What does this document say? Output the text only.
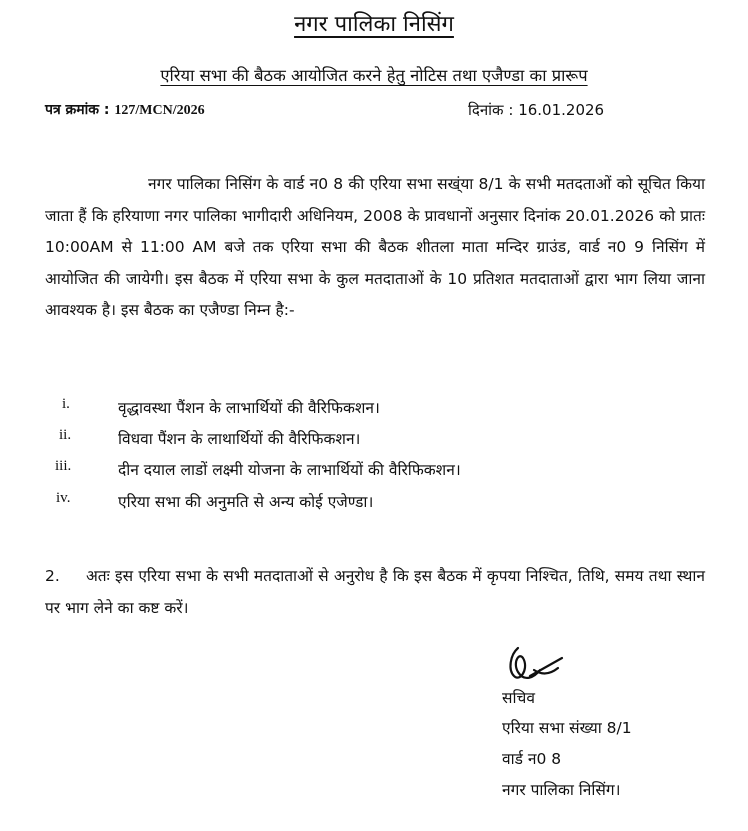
नगर पालिका निसिंग
एरिया सभा की बैठक आयोजित करने हेतु नोटिस तथा एजैण्डा का प्रारूप
पत्र क्रमांक : 127/MCN/2026	दिनांक : 16.01.2026
नगर पालिका निसिंग के वार्ड न0 8 की एरिया सभा सख्ंया 8/1 के सभी मतदताओं को सूचित किया जाता हैं कि हरियाणा नगर पालिका भागीदारी अधिनियम, 2008 के प्रावधानों अनुसार दिनांक 20.01.2026 को प्रातः 10:00AM से 11:00 AM बजे तक एरिया सभा की बैठक शीतला माता मन्दिर ग्राउंड, वार्ड न0 9 निसिंग में आयोजित की जायेगी। इस बैठक में एरिया सभा के कुल मतदाताओं के 10 प्रतिशत मतदाताओं द्वारा भाग लिया जाना आवश्यक है। इस बैठक का एजैण्डा निम्न है:-
i.	वृद्धावस्था पैंशन के लाभार्थियों की वैरिफिकशन।
ii.	विधवा पैंशन के लाथार्थियों की वैरिफिकशन।
iii.	दीन दयाल लाडों लक्ष्मी योजना के लाभार्थियों की वैरिफिकशन।
iv.	एरिया सभा की अनुमति से अन्य कोई एजेण्डा।
2.     अतः इस एरिया सभा के सभी मतदाताओं से अनुरोध है कि इस बैठक में कृपया निश्चित, तिथि, समय तथा स्थान पर भाग लेने का कष्ट करें।
सचिव
एरिया सभा संख्या 8/1
वार्ड न0 8
नगर पालिका निसिंग।
